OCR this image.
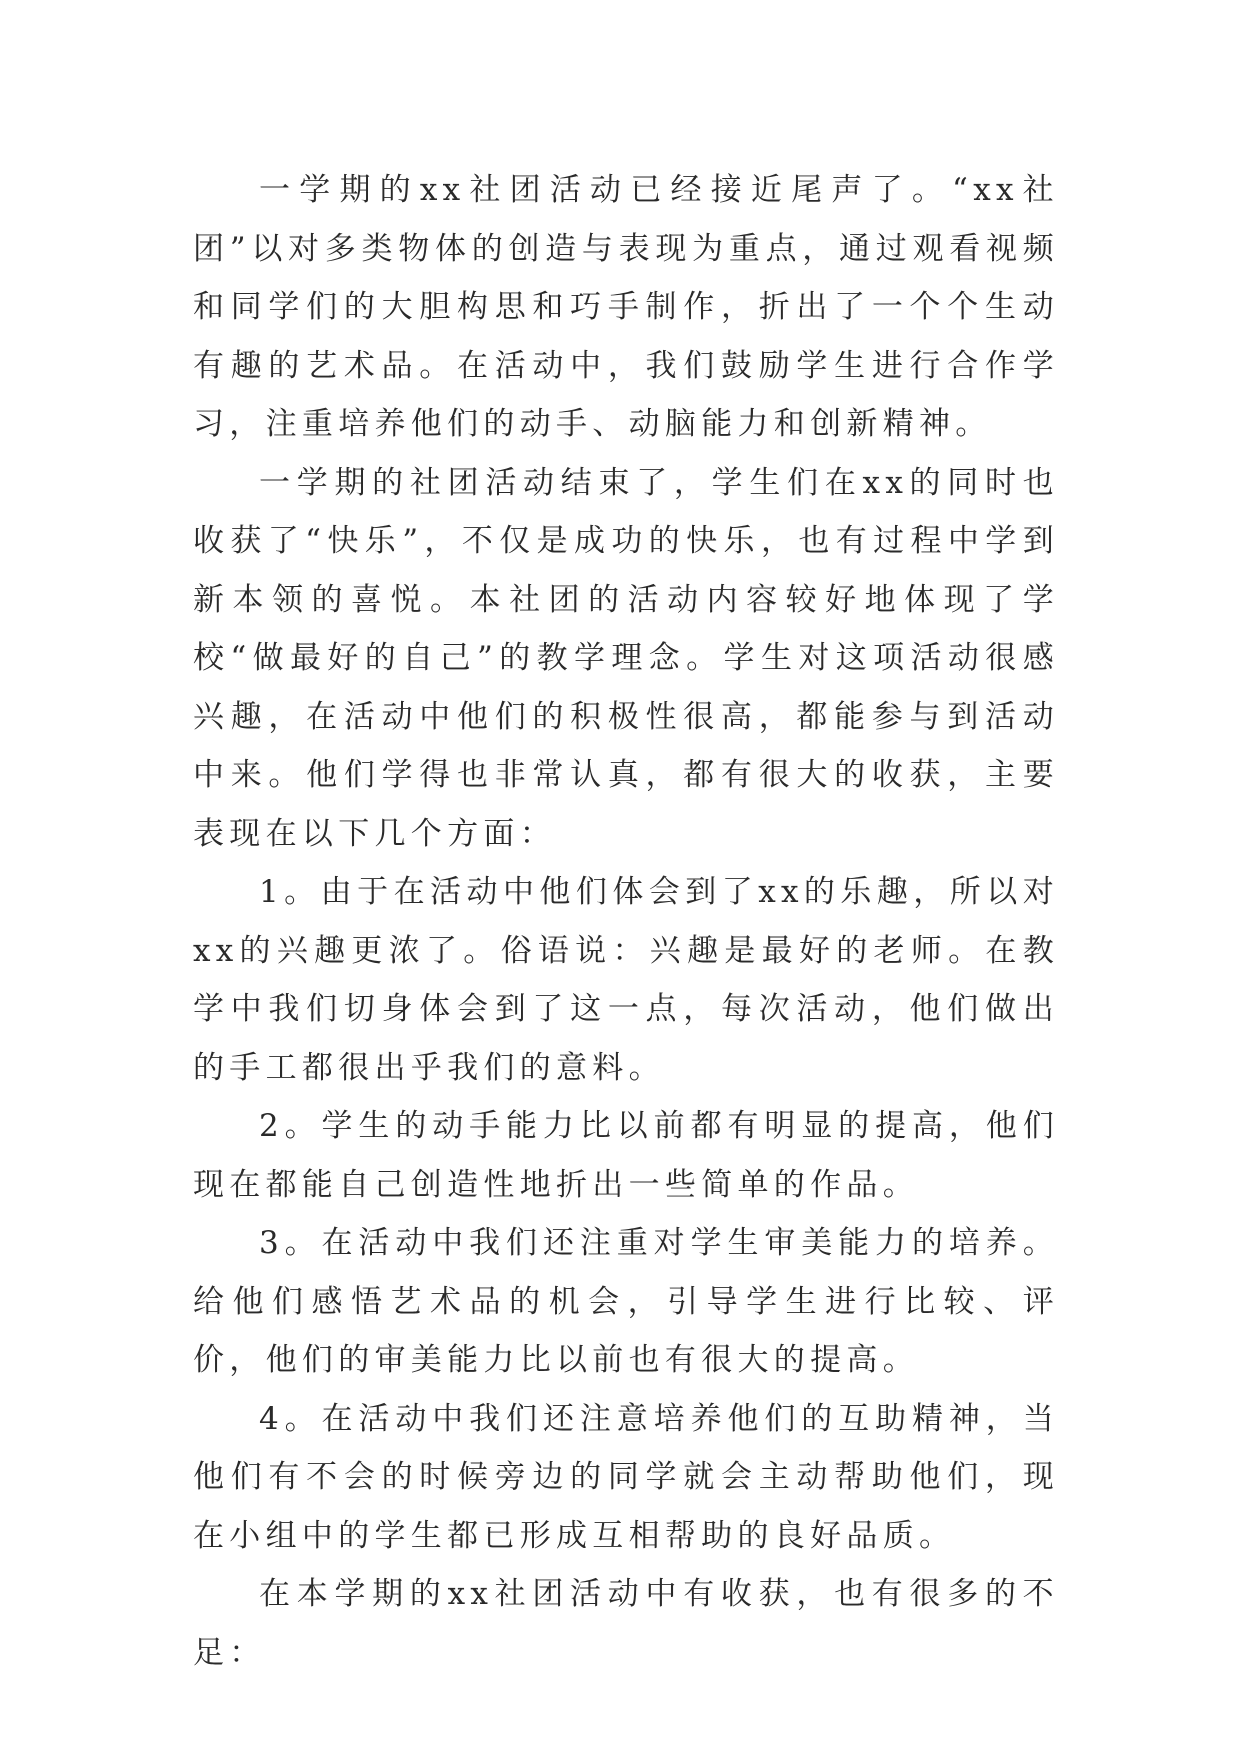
一学期的xx社团活动已经接近尾声了。“xx社团”以对多类物体的创造与表现为重点，通过观看视频和同学们的大胆构思和巧手制作，折出了一个个生动有趣的艺术品。在活动中，我们鼓励学生进行合作学习，注重培养他们的动手、动脑能力和创新精神。

一学期的社团活动结束了，学生们在xx的同时也收获了“快乐”，不仅是成功的快乐，也有过程中学到新本领的喜悦。本社团的活动内容较好地体现了学校“做最好的自己”的教学理念。学生对这项活动很感兴趣，在活动中他们的积极性很高，都能参与到活动中来。他们学得也非常认真，都有很大的收获，主要表现在以下几个方面：

1。由于在活动中他们体会到了xx的乐趣，所以对xx的兴趣更浓了。俗语说：兴趣是最好的老师。在教学中我们切身体会到了这一点，每次活动，他们做出的手工都很出乎我们的意料。

2。学生的动手能力比以前都有明显的提高，他们现在都能自己创造性地折出一些简单的作品。

3。在活动中我们还注重对学生审美能力的培养。给他们感悟艺术品的机会，引导学生进行比较、评价，他们的审美能力比以前也有很大的提高。

4。在活动中我们还注意培养他们的互助精神，当他们有不会的时候旁边的同学就会主动帮助他们，现在小组中的学生都已形成互相帮助的良好品质。

在本学期的xx社团活动中有收获，也有很多的不足：
